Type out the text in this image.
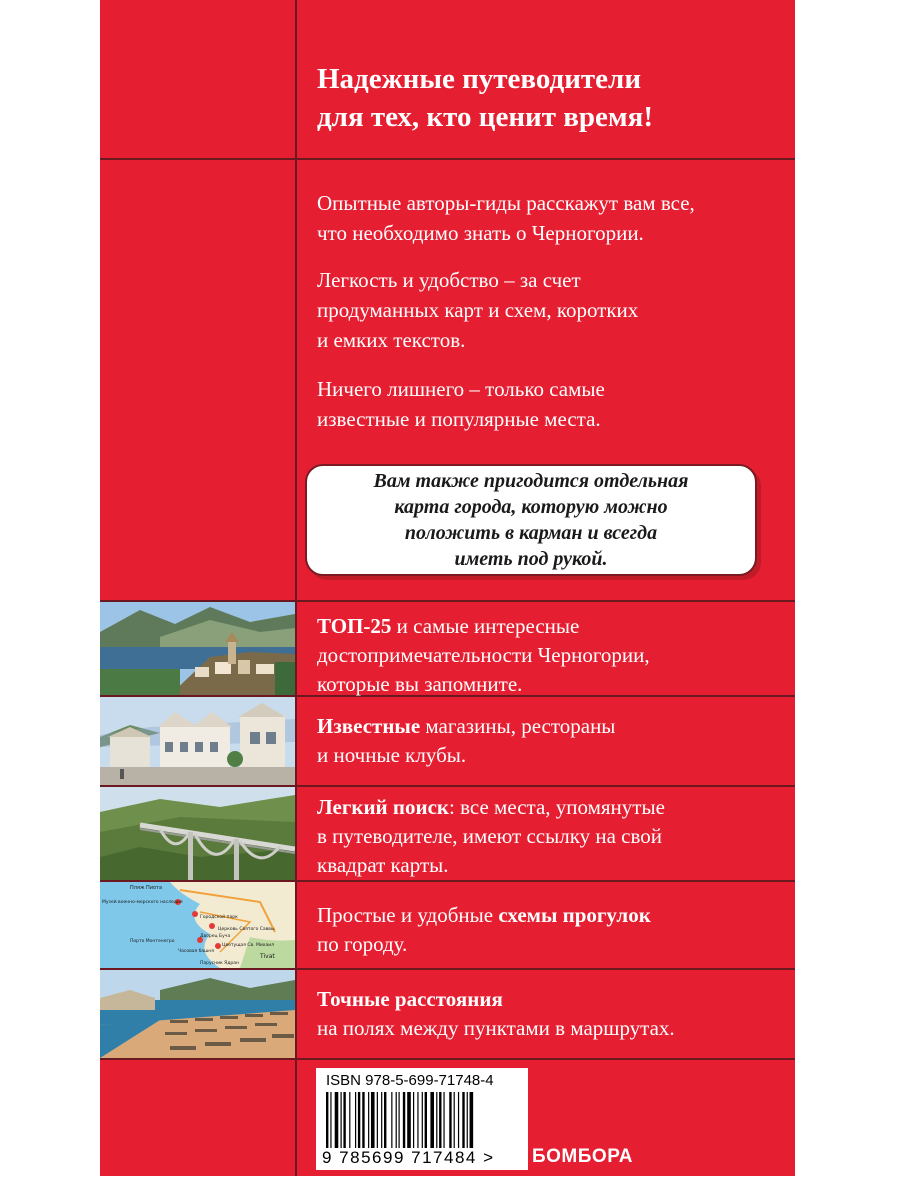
Надежные путеводители
для тех, кто ценит время!
Опытные авторы-гиды расскажут вам все,
что необходимо знать о Черногории.
Легкость и удобство – за счет
продуманных карт и схем, коротких
и емких текстов.
Ничего лишнего – только самые
известные и популярные места.
Вам также пригодится отдельная
карта города, которую можно
положить в карман и всегда
иметь под рукой.
ТОП-25 и самые интересные
достопримечательности Черногории,
которые вы запомните.
Известные магазины, рестораны
и ночные клубы.
Легкий поиск: все места, упомянутые
в путеводителе, имеют ссылку на свой
квадрат карты.
Пляж Пиота
Музей военно-морского наследия
Городской парк
Церковь Святого Саввы
Порто Монтенегро
Дворец Буча
Часовая башня
Цветущая Св. Михаил
Tivat
Парусник Ядран
Простые и удобные схемы прогулок
по городу.
Точные расстояния
на полях между пунктами в маршрутах.
ISBN 978-5-699-71748-4
9 785699 717484 > БОМБОРА
